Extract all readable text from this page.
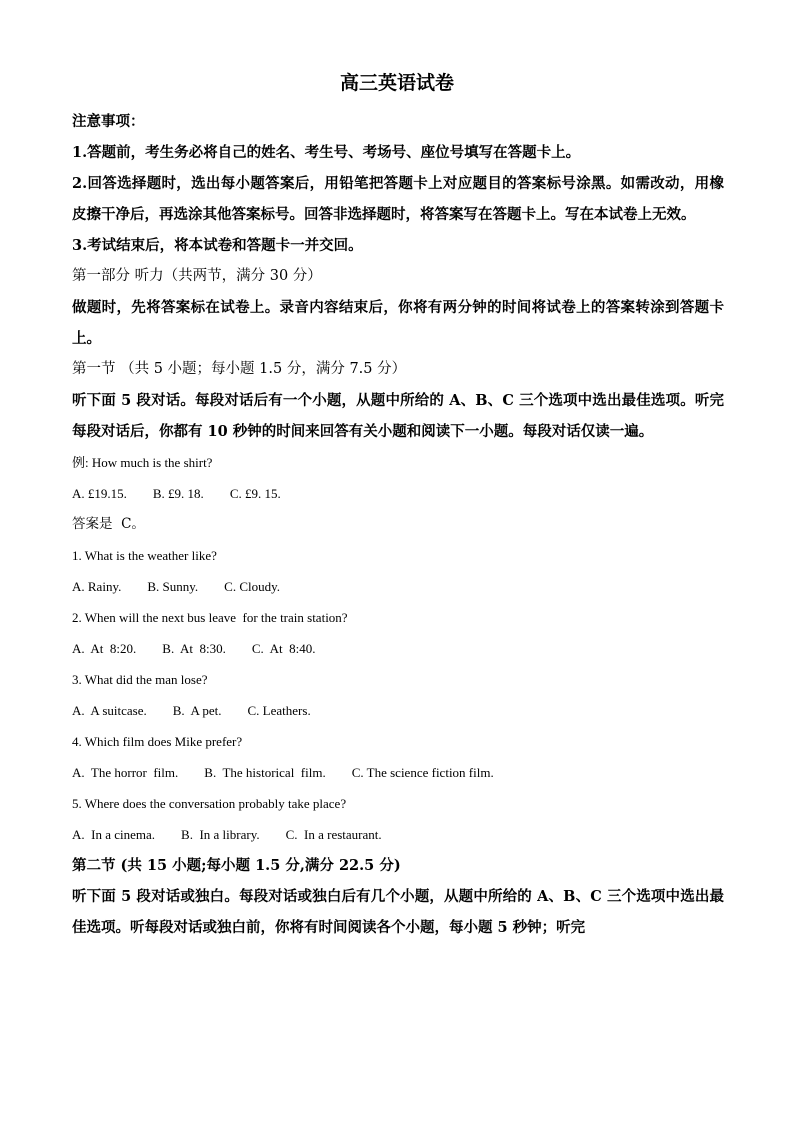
高三英语试卷

注意事项：

1.答题前，考生务必将自己的姓名、考生号、考场号、座位号填写在答题卡上。

2.回答选择题时，选出每小题答案后，用铅笔把答题卡上对应题目的答案标号涂黑。如需改动，用橡皮擦干净后，再选涂其他答案标号。回答非选择题时，将答案写在答题卡上。写在本试卷上无效。

3.考试结束后，将本试卷和答题卡一并交回。

第一部分 听力（共两节，满分 30 分）

做题时，先将答案标在试卷上。录音内容结束后，你将有两分钟的时间将试卷上的答案转涂到答题卡上。

第一节 （共 5 小题；每小题 1.5 分，满分 7.5 分）

听下面 5 段对话。每段对话后有一个小题，从题中所给的 A、B、C 三个选项中选出最佳选项。听完每段对话后，你都有 10 秒钟的时间来回答有关小题和阅读下一小题。每段对话仅读一遍。

例: How much is the shirt?

A. £19.15. B. £9. 18. C. £9. 15.

答案是  C。

1. What is the weather like?

A. Rainy. B. Sunny. C. Cloudy.

2. When will the next bus leave  for the train station?

A.  At  8:20. B.  At  8:30. C.  At  8:40.

3. What did the man lose?

A.  A suitcase. B.  A pet. C. Leathers.

4. Which film does Mike prefer?

A.  The horror  film. B.  The historical  film. C. The science fiction film.

5. Where does the conversation probably take place?

A.  In a cinema. B.  In a library. C.  In a restaurant.

第二节 (共 15 小题;每小题 1.5 分,满分 22.5 分)

听下面 5 段对话或独白。每段对话或独白后有几个小题，从题中所给的 A、B、C 三个选项中选出最佳选项。听每段对话或独白前，你将有时间阅读各个小题，每小题 5 秒钟；听完
